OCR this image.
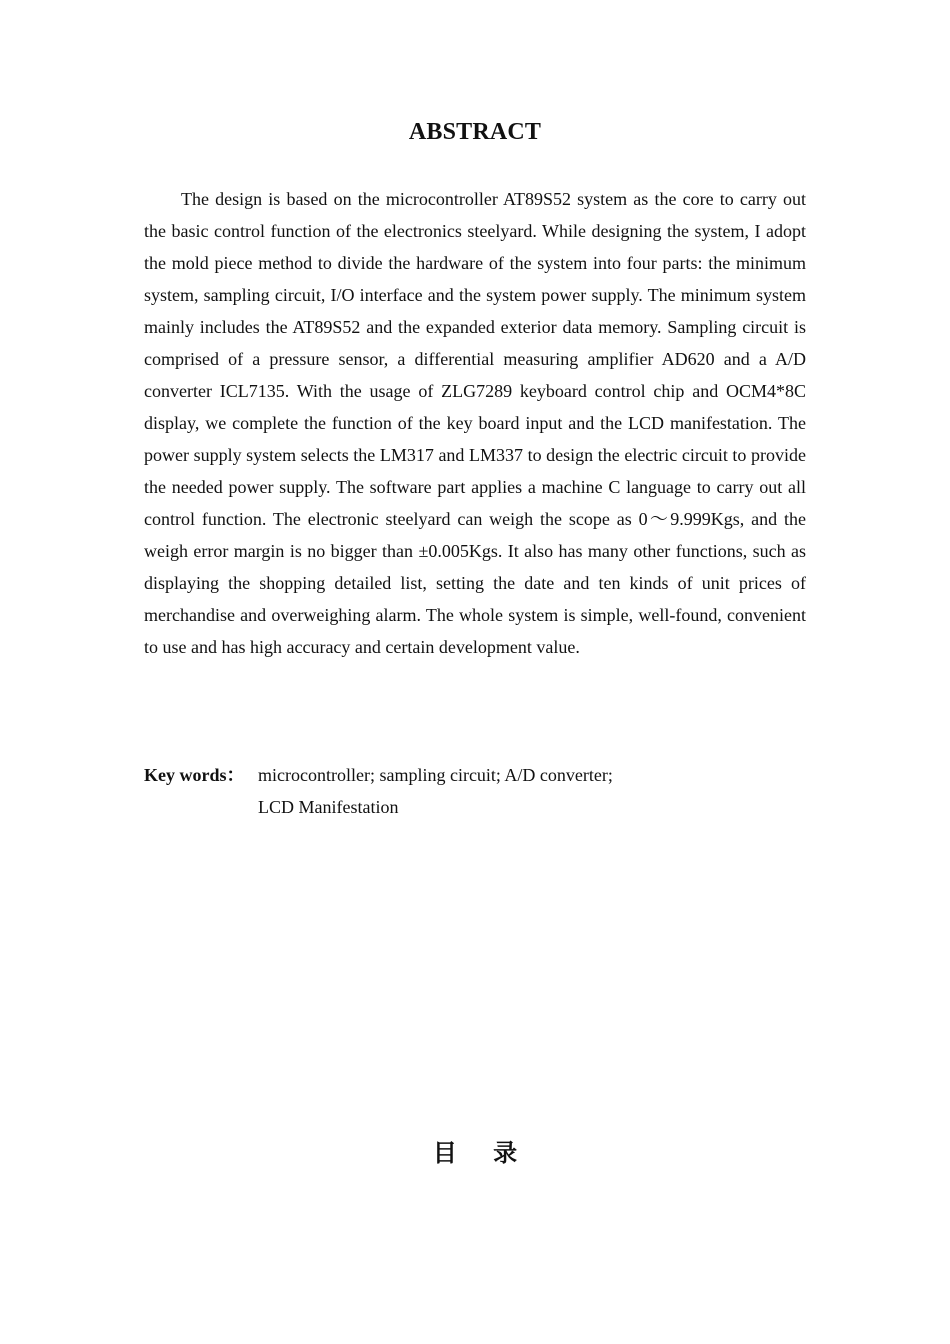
ABSTRACT

The design is based on the microcontroller AT89S52 system as the core to carry out the basic control function of the electronics steelyard. While designing the system, I adopt the mold piece method to divide the hardware of the system into four parts: the minimum system, sampling circuit, I/O interface and the system power supply. The minimum system mainly includes the AT89S52 and the expanded exterior data memory. Sampling circuit is comprised of a pressure sensor, a differential measuring amplifier AD620 and a A/D converter ICL7135. With the usage of ZLG7289 keyboard control chip and OCM4*8C display, we complete the function of the key board input and the LCD manifestation. The power supply system selects the LM317 and LM337 to design the electric circuit to provide the needed power supply. The software part applies a machine C language to carry out all control function. The electronic steelyard can weigh the scope as 0～9.999Kgs, and the weigh error margin is no bigger than ±0.005Kgs. It also has many other functions, such as displaying the shopping detailed list, setting the date and ten kinds of unit prices of merchandise and overweighing alarm. The whole system is simple, well-found, convenient to use and has high accuracy and certain development value.

Key words： microcontroller; sampling circuit; A/D converter;
LCD Manifestation
目 录
